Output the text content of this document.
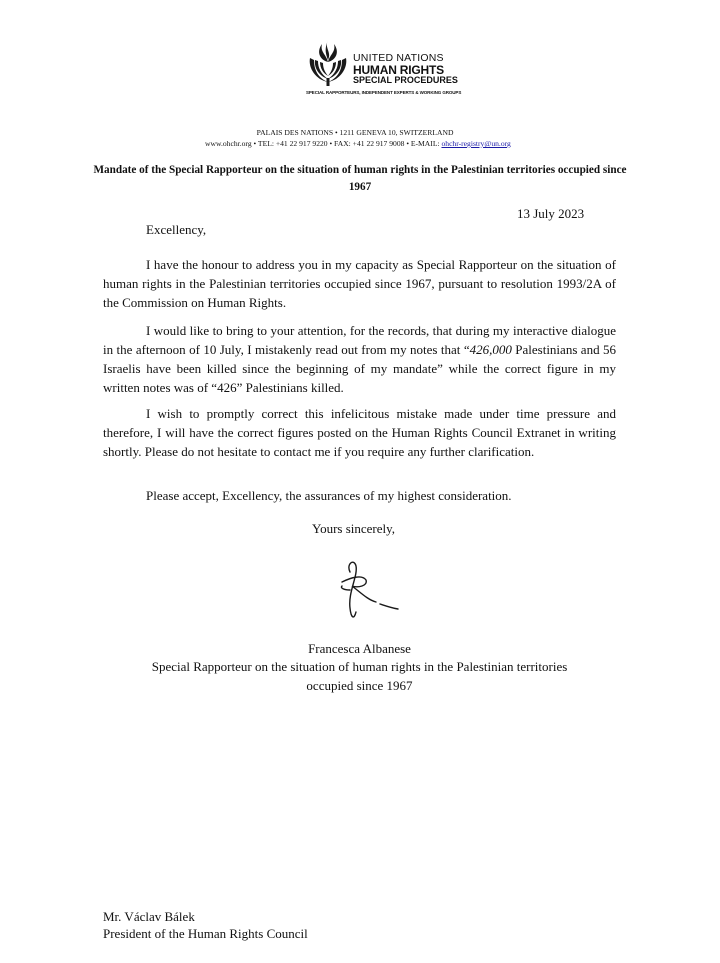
UNITED NATIONS
HUMAN RIGHTS
SPECIAL PROCEDURES
SPECIAL RAPPORTEURS, INDEPENDENT EXPERTS & WORKING GROUPS
PALAIS DES NATIONS • 1211 GENEVA 10, SWITZERLAND
www.ohchr.org • TEL: +41 22 917 9220 • FAX: +41 22 917 9008 • E-MAIL: ohchr-registry@un.org
Mandate of the Special Rapporteur on the situation of human rights in the Palestinian territories occupied since 1967
13 July 2023
Excellency,
I have the honour to address you in my capacity as Special Rapporteur on the situation of human rights in the Palestinian territories occupied since 1967, pursuant to resolution 1993/2A of the Commission on Human Rights.
I would like to bring to your attention, for the records, that during my interactive dialogue in the afternoon of 10 July, I mistakenly read out from my notes that “426,000 Palestinians and 56 Israelis have been killed since the beginning of my mandate” while the correct figure in my written notes was of “426” Palestinians killed.
I wish to promptly correct this infelicitous mistake made under time pressure and therefore, I will have the correct figures posted on the Human Rights Council Extranet in writing shortly. Please do not hesitate to contact me if you require any further clarification.
Please accept, Excellency, the assurances of my highest consideration.
Yours sincerely,
Francesca Albanese
Special Rapporteur on the situation of human rights in the Palestinian territories
occupied since 1967
Mr. Václav Bálek
President of the Human Rights Council
